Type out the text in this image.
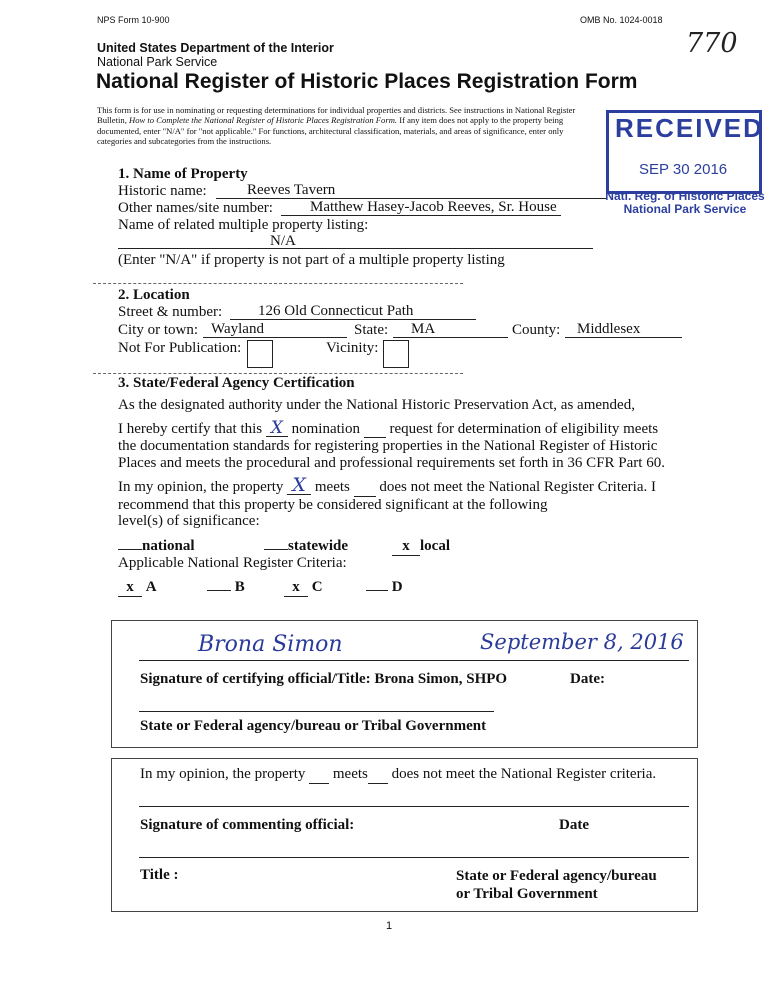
NPS Form 10-900	OMB No. 1024-0018
770
United States Department of the Interior
National Park Service
National Register of Historic Places Registration Form
This form is for use in nominating or requesting determinations for individual properties and districts. See instructions in National Register
Bulletin, How to Complete the National Register of Historic Places Registration Form. If any item does not apply to the property being
documented, enter "N/A" for "not applicable." For functions, architectural classification, materials, and areas of significance, enter only
categories and subcategories from the instructions.	RECEIVED
SEP 30 2016
Natl. Reg. of Historic Places
National Park Service
1. Name of Property
Historic name:	Reeves Tavern
Other names/site number: Matthew Hasey-Jacob Reeves, Sr. House
Name of related multiple property listing:
N/A
(Enter "N/A" if property is not part of a multiple property listing
2. Location
Street & number: 126 Old Connecticut Path
City or town: Wayland	State: MA	County: Middlesex
Not For Publication:	Vicinity:
3. State/Federal Agency Certification
As the designated authority under the National Historic Preservation Act, as amended,
I hereby certify that this X nomination request for determination of eligibility meets
the documentation standards for registering properties in the National Register of Historic
Places and meets the procedural and professional requirements set forth in 36 CFR Part 60.
In my opinion, the property X meets does not meet the National Register Criteria. I
recommend that this property be considered significant at the following
level(s) of significance:
national	statewide	x local
Applicable National Register Criteria:
x A	B	x C	D
Brona Simon	September 8, 2016
Signature of certifying official/Title: Brona Simon, SHPO	Date:
State or Federal agency/bureau or Tribal Government
In my opinion, the property meets does not meet the National Register criteria.
Signature of commenting official:	Date
Title :	State or Federal agency/bureau
or Tribal Government
1
